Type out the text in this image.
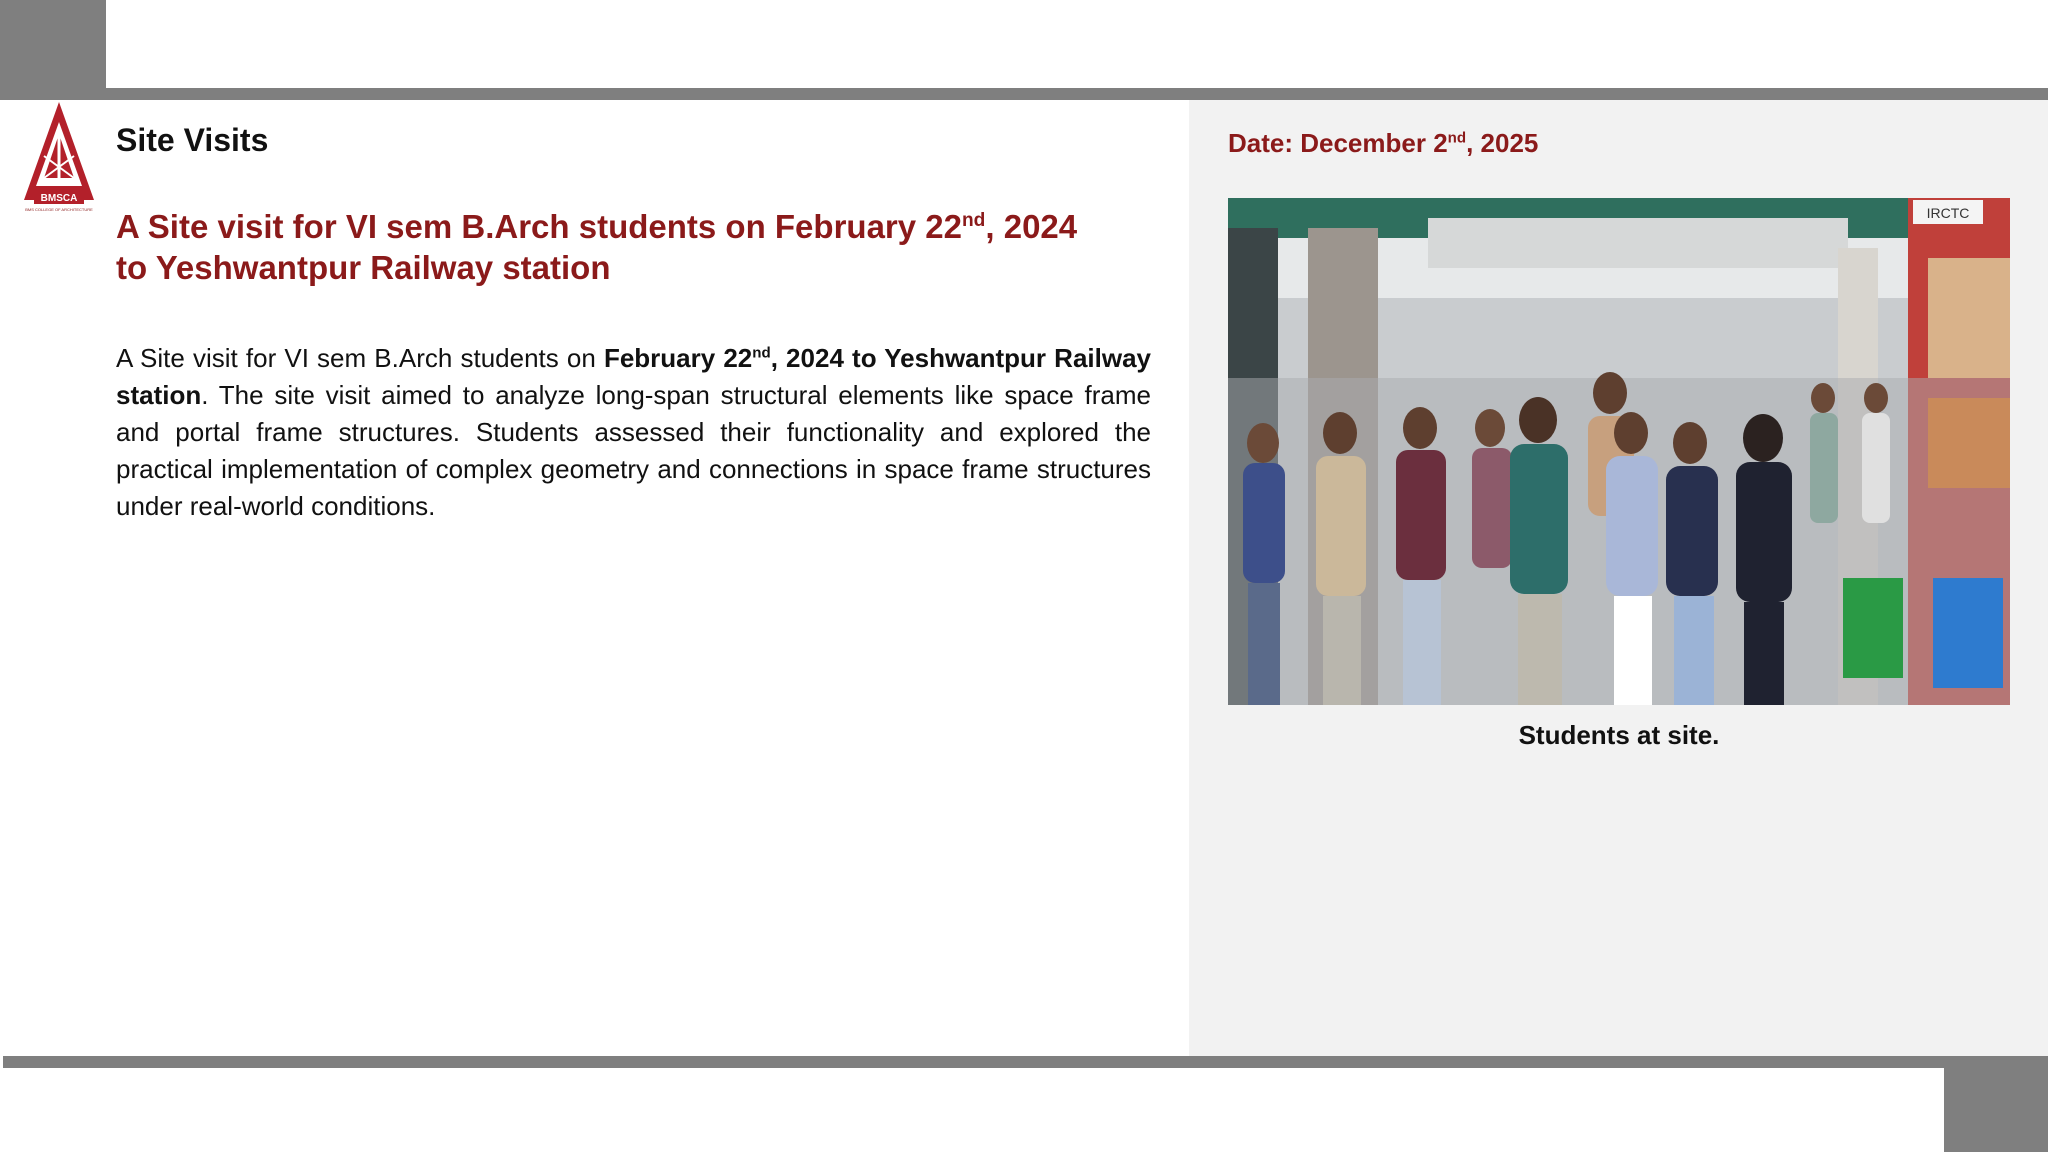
BMSCA
BMS COLLEGE OF ARCHITECTURE
Site Visits
A Site visit for VI sem B.Arch students on February 22nd, 2024 to Yeshwantpur Railway station

A Site visit for VI sem B.Arch students on February 22nd, 2024 to Yeshwantpur Railway station. The site visit aimed to analyze long-span structural elements like space frame and portal frame structures. Students assessed their functionality and explored the practical implementation of complex geometry and connections in space frame structures under real-world conditions.

Date: December 2nd, 2025

IRCTC

Students at site.
